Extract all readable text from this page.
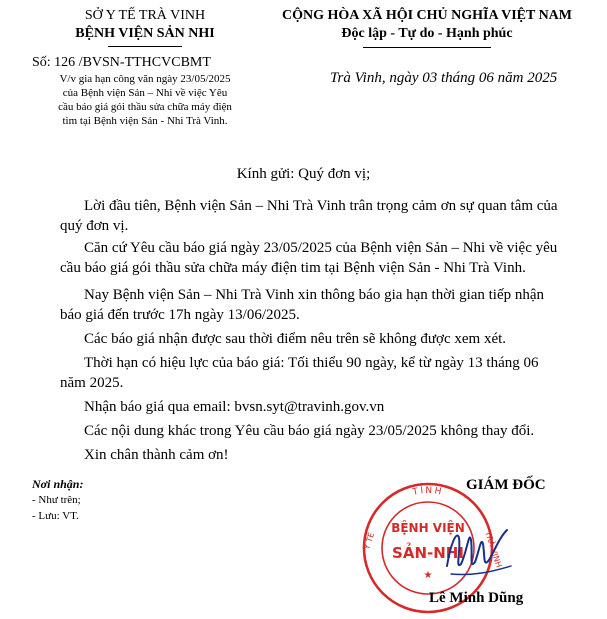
SỞ Y TẾ TRÀ VINH
BỆNH VIỆN SẢN NHI
Số: 126 /BVSN-TTHCVCBMT
V/v gia hạn công văn ngày 23/05/2025
của Bệnh viện Sản – Nhi về việc Yêu
cầu báo giá gói thầu sửa chữa máy điện
tim tại Bệnh viện Sản - Nhi Trà Vinh.
CỘNG HÒA XÃ HỘI CHỦ NGHĨA VIỆT NAM
Độc lập - Tự do - Hạnh phúc
Trà Vinh, ngày 03 tháng 06 năm 2025
Kính gửi: Quý đơn vị;
Lời đầu tiên, Bệnh viện Sản – Nhi Trà Vinh trân trọng cảm ơn sự quan tâm của quý đơn vị.
Căn cứ Yêu cầu báo giá ngày 23/05/2025 của Bệnh viện Sản – Nhi về việc yêu cầu báo giá gói thầu sửa chữa máy điện tim tại Bệnh viện Sản - Nhi Trà Vinh.
Nay Bệnh viện Sản – Nhi Trà Vinh xin thông báo gia hạn thời gian tiếp nhận báo giá đến trước 17h ngày 13/06/2025.
Các báo giá nhận được sau thời điểm nêu trên sẽ không được xem xét.
Thời hạn có hiệu lực của báo giá: Tối thiểu 90 ngày, kể từ ngày 13 tháng 06 năm 2025.
Nhận báo giá qua email: bvsn.syt@travinh.gov.vn
Các nội dung khác trong Yêu cầu báo giá ngày 23/05/2025 không thay đổi.
Xin chân thành cảm ơn!
Nơi nhận:
- Như trên;
- Lưu: VT.
GIÁM ĐỐC
TỈNH
Y TẾ	TRÀ VINH
BỆNH VIỆN
SẢN-NHI
★
Lê Minh Dũng
